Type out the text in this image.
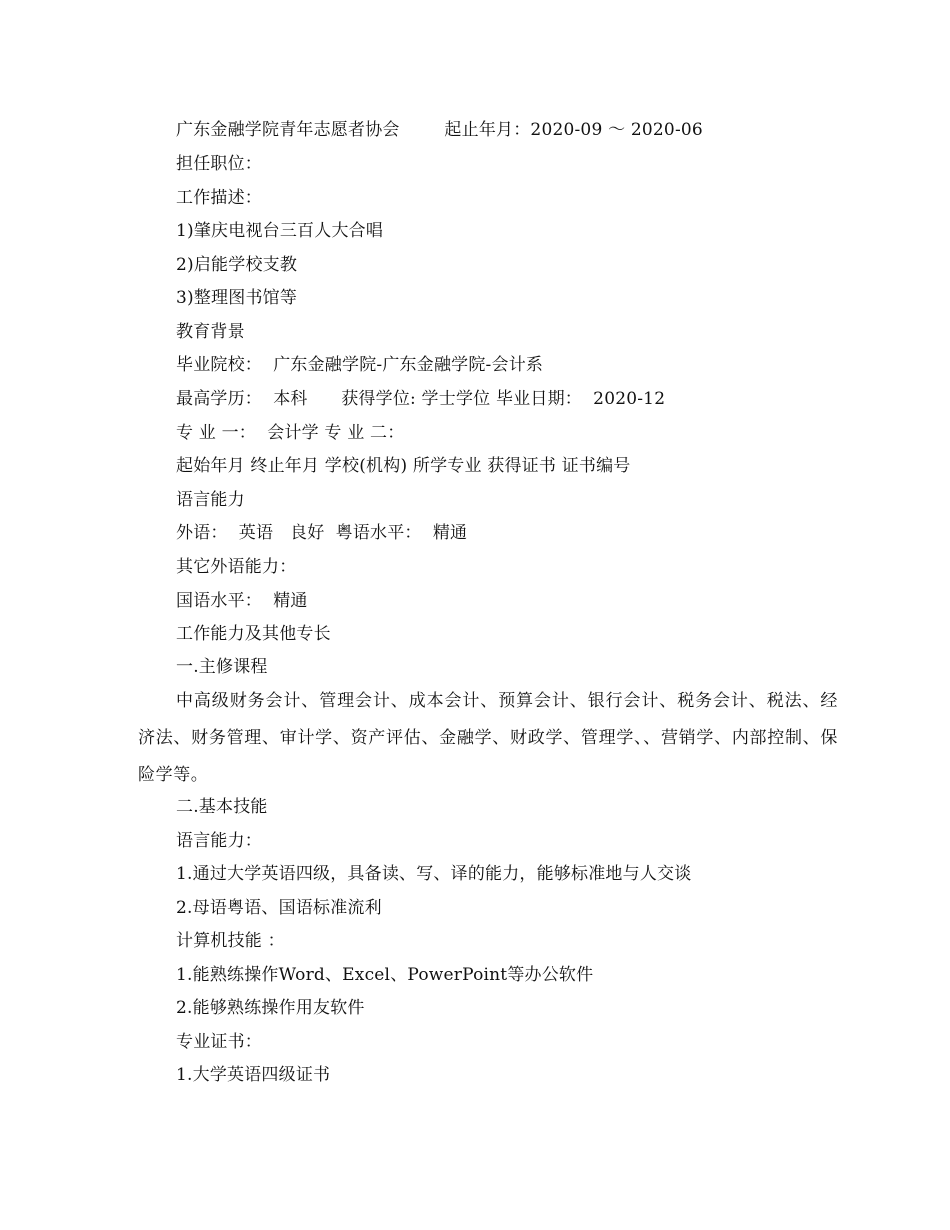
广东金融学院青年志愿者协会        起止年月：2020-09 ～ 2020-06
担任职位：
工作描述：
1)肇庆电视台三百人大合唱
2)启能学校支教
3)整理图书馆等
教育背景
毕业院校：  广东金融学院-广东金融学院-会计系
最高学历：  本科      获得学位: 学士学位 毕业日期：  2020-12
专 业 一：  会计学 专 业 二：
起始年月 终止年月 学校(机构) 所学专业 获得证书 证书编号
语言能力
外语：  英语   良好  粤语水平：  精通
其它外语能力：
国语水平：  精通
工作能力及其他专长
一.主修课程
中高级财务会计、管理会计、成本会计、预算会计、银行会计、税务会计、税法、经济法、财务管理、审计学、资产评估、金融学、财政学、管理学、、营销学、内部控制、保险学等。
二.基本技能
语言能力：
1.通过大学英语四级，具备读、写、译的能力，能够标准地与人交谈
2.母语粤语、国语标准流利
计算机技能 ：
1.能熟练操作Word、Excel、PowerPoint等办公软件
2.能够熟练操作用友软件
专业证书：
1.大学英语四级证书
